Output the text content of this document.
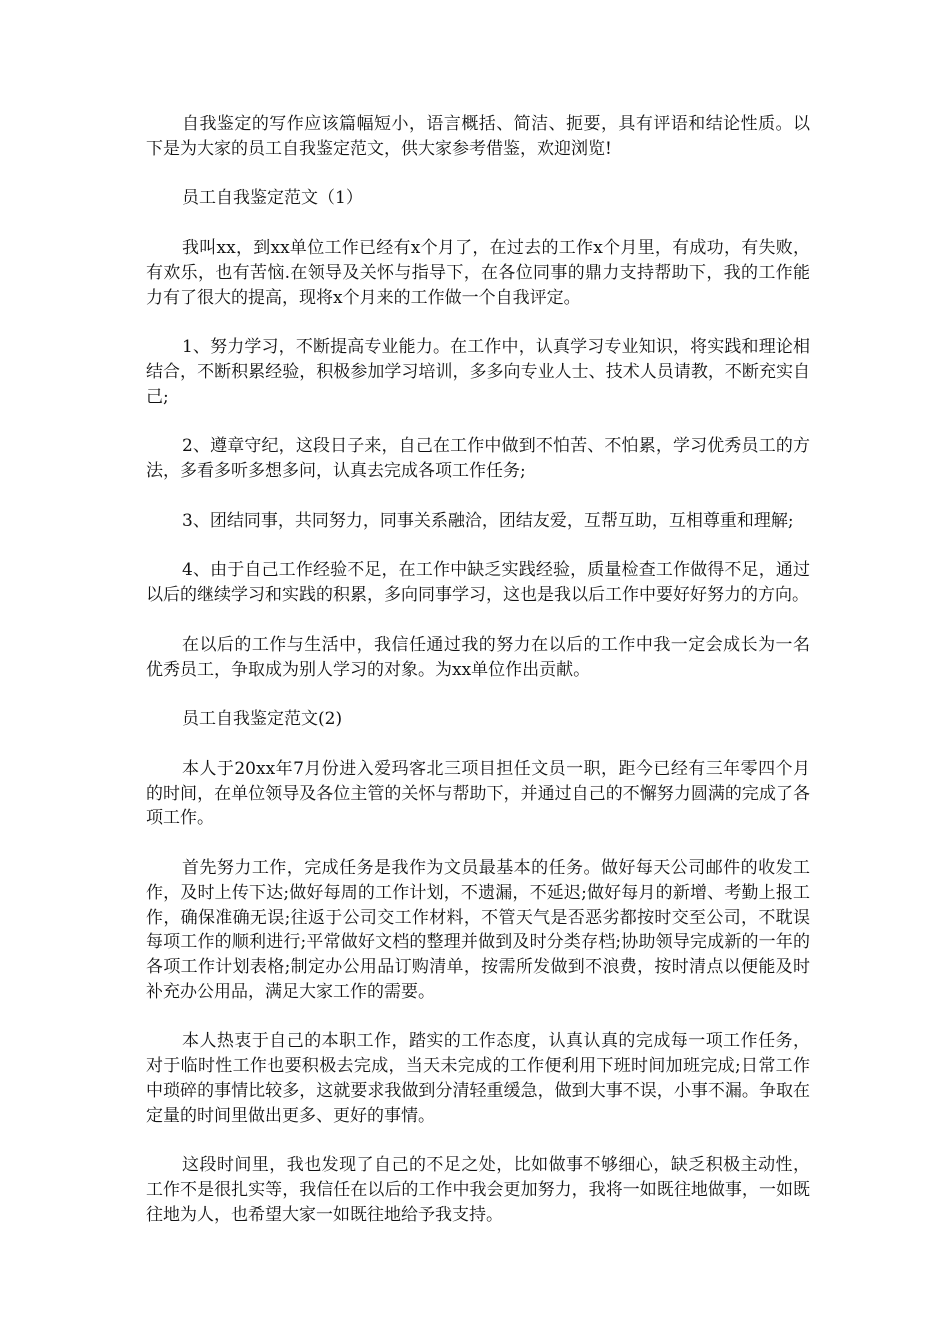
自我鉴定的写作应该篇幅短小，语言概括、简洁、扼要，具有评语和结论性质。以下是为大家的员工自我鉴定范文，供大家参考借鉴，欢迎浏览!

员工自我鉴定范文（1）

我叫xx，到xx单位工作已经有x个月了，在过去的工作x个月里，有成功，有失败，有欢乐，也有苦恼.在领导及关怀与指导下，在各位同事的鼎力支持帮助下，我的工作能力有了很大的提高，现将x个月来的工作做一个自我评定。

1、努力学习，不断提高专业能力。在工作中，认真学习专业知识，将实践和理论相结合，不断积累经验，积极参加学习培训，多多向专业人士、技术人员请教，不断充实自己;

2、遵章守纪，这段日子来，自己在工作中做到不怕苦、不怕累，学习优秀员工的方法，多看多听多想多问，认真去完成各项工作任务;

3、团结同事，共同努力，同事关系融洽，团结友爱，互帮互助，互相尊重和理解;

4、由于自己工作经验不足，在工作中缺乏实践经验，质量检查工作做得不足，通过以后的继续学习和实践的积累，多向同事学习，这也是我以后工作中要好好努力的方向。

在以后的工作与生活中，我信任通过我的努力在以后的工作中我一定会成长为一名优秀员工，争取成为别人学习的对象。为xx单位作出贡献。

员工自我鉴定范文(2)

本人于20xx年7月份进入爱玛客北三项目担任文员一职，距今已经有三年零四个月的时间，在单位领导及各位主管的关怀与帮助下，并通过自己的不懈努力圆满的完成了各项工作。

首先努力工作，完成任务是我作为文员最基本的任务。做好每天公司邮件的收发工作，及时上传下达;做好每周的工作计划，不遗漏，不延迟;做好每月的新增、考勤上报工作，确保准确无误;往返于公司交工作材料，不管天气是否恶劣都按时交至公司，不耽误每项工作的顺利进行;平常做好文档的整理并做到及时分类存档;协助领导完成新的一年的各项工作计划表格;制定办公用品订购清单，按需所发做到不浪费，按时清点以便能及时补充办公用品，满足大家工作的需要。

本人热衷于自己的本职工作，踏实的工作态度，认真认真的完成每一项工作任务，对于临时性工作也要积极去完成，当天未完成的工作便利用下班时间加班完成;日常工作中琐碎的事情比较多，这就要求我做到分清轻重缓急，做到大事不误，小事不漏。争取在定量的时间里做出更多、更好的事情。

这段时间里，我也发现了自己的不足之处，比如做事不够细心，缺乏积极主动性，工作不是很扎实等，我信任在以后的工作中我会更加努力，我将一如既往地做事，一如既往地为人，也希望大家一如既往地给予我支持。
